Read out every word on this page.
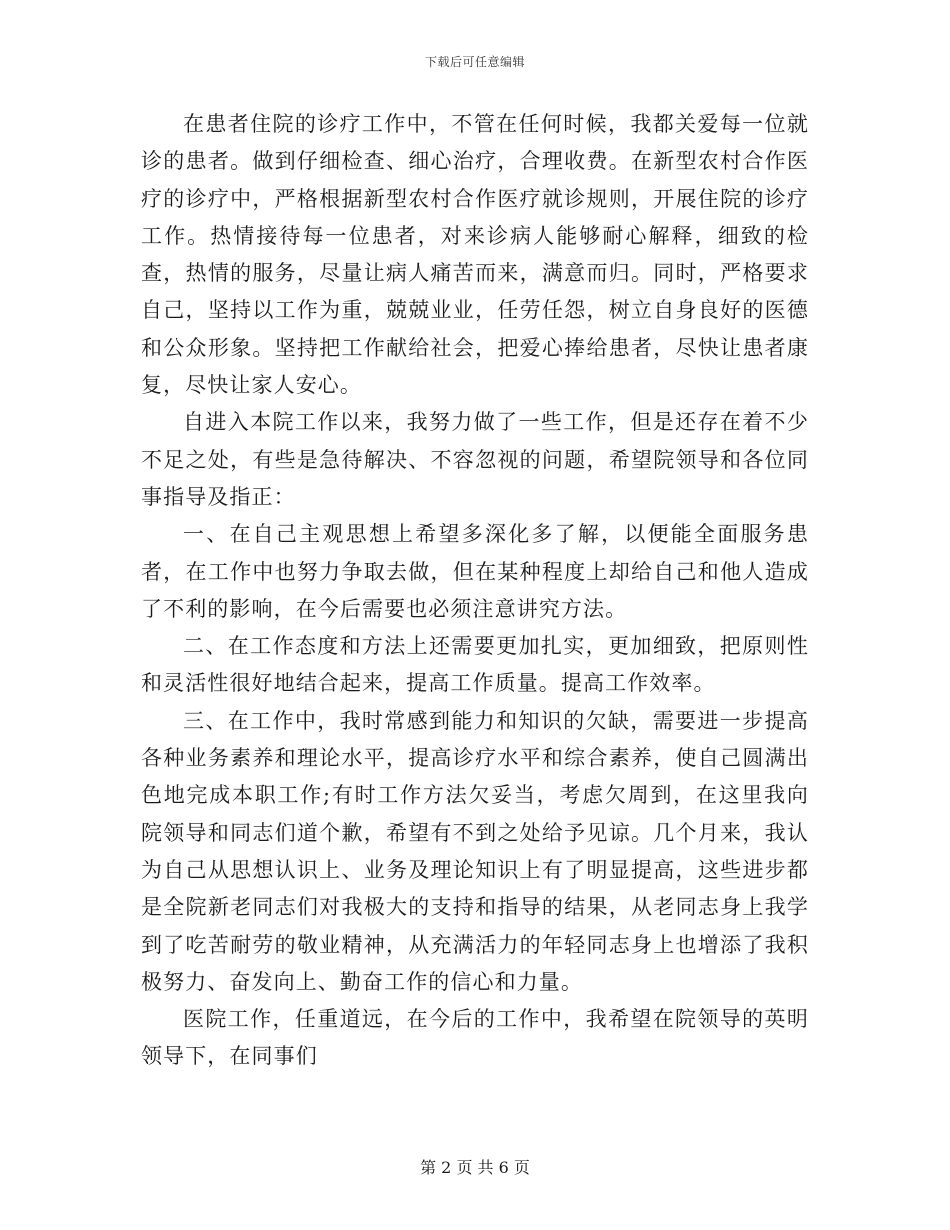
下载后可任意编辑

在患者住院的诊疗工作中，不管在任何时候，我都关爱每一位就诊的患者。做到仔细检查、细心治疗，合理收费。在新型农村合作医疗的诊疗中，严格根据新型农村合作医疗就诊规则，开展住院的诊疗工作。热情接待每一位患者，对来诊病人能够耐心解释，细致的检查，热情的服务，尽量让病人痛苦而来，满意而归。同时，严格要求自己，坚持以工作为重，兢兢业业，任劳任怨，树立自身良好的医德和公众形象。坚持把工作献给社会，把爱心捧给患者，尽快让患者康复，尽快让家人安心。

自进入本院工作以来，我努力做了一些工作，但是还存在着不少不足之处，有些是急待解决、不容忽视的问题，希望院领导和各位同事指导及指正：

一、在自己主观思想上希望多深化多了解，以便能全面服务患者，在工作中也努力争取去做，但在某种程度上却给自己和他人造成了不利的影响，在今后需要也必须注意讲究方法。

二、在工作态度和方法上还需要更加扎实，更加细致，把原则性和灵活性很好地结合起来，提高工作质量。提高工作效率。

三、在工作中，我时常感到能力和知识的欠缺，需要进一步提高各种业务素养和理论水平，提高诊疗水平和综合素养，使自己圆满出色地完成本职工作;有时工作方法欠妥当，考虑欠周到，在这里我向院领导和同志们道个歉，希望有不到之处给予见谅。几个月来，我认为自己从思想认识上、业务及理论知识上有了明显提高，这些进步都是全院新老同志们对我极大的支持和指导的结果，从老同志身上我学到了吃苦耐劳的敬业精神，从充满活力的年轻同志身上也增添了我积极努力、奋发向上、勤奋工作的信心和力量。

医院工作，任重道远，在今后的工作中，我希望在院领导的英明领导下，在同事们

第 2 页 共 6 页
